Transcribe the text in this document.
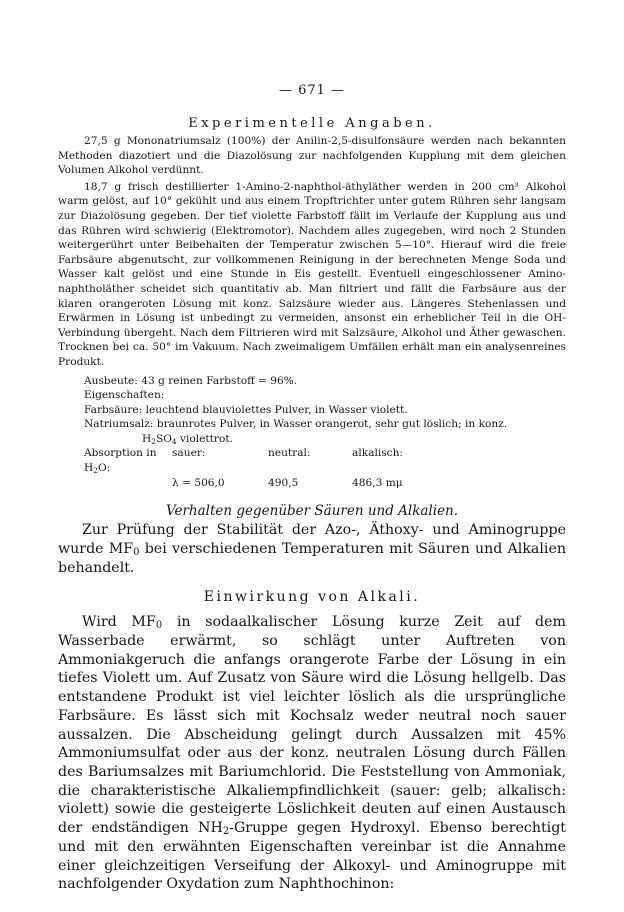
— 671 —
Experimentelle Angaben.

27,5 g Mononatriumsalz (100%) der Anilin-2,5-disulfonsäure werden nach bekannten Methoden diazotiert und die Diazolösung zur nachfolgenden Kupplung mit dem gleichen Volumen Alkohol verdünnt.

18,7 g frisch destillierter 1-Amino-2-naphthol-äthyläther werden in 200 cm³ Alkohol warm gelöst, auf 10° gekühlt und aus einem Tropftrichter unter gutem Rühren sehr langsam zur Diazolösung gegeben. Der tief violette Farbstoff fällt im Verlaufe der Kupplung aus und das Rühren wird schwierig (Elektromotor). Nachdem alles zugegeben, wird noch 2 Stunden weitergerührt unter Beibehalten der Temperatur zwischen 5—10°. Hierauf wird die freie Farbsäure abgenutscht, zur vollkommenen Reinigung in der berechneten Menge Soda und Wasser kalt gelöst und eine Stunde in Eis gestellt. Eventuell eingeschlossener Amino-naphtholäther scheidet sich quantitativ ab. Man filtriert und fällt die Farbsäure aus der klaren orangeroten Lösung mit konz. Salzsäure wieder aus. Längeres Stehenlassen und Erwärmen in Lösung ist unbedingt zu vermeiden, ansonst ein erheblicher Teil in die OH-Verbindung übergeht. Nach dem Filtrieren wird mit Salzsäure, Alkohol und Äther gewaschen. Trocknen bei ca. 50° im Vakuum. Nach zweimaligem Umfällen erhält man ein analysenreines Produkt.

Ausbeute: 43 g reinen Farbstoff = 96%.
Eigenschaften:
Farbsäure: leuchtend blauviolettes Pulver, in Wasser violett.
Natriumsalz: braunrotes Pulver, in Wasser orangerot, sehr gut löslich; in konz.
$H_2SO_4$ violettrot.
Absorption in $H_2O$:
sauer:	neutral:	alkalisch:
λ = 506,0	490,5	486,3 mμ
Verhalten gegenüber Säuren und Alkalien.

Zur Prüfung der Stabilität der Azo-, Äthoxy- und Aminogruppe wurde $MF_0$ bei verschiedenen Temperaturen mit Säuren und Alkalien behandelt.

Einwirkung von Alkali.

Wird $MF_0$ in sodaalkalischer Lösung kurze Zeit auf dem Wasserbade erwärmt, so schlägt unter Auftreten von Ammoniakgeruch die anfangs orangerote Farbe der Lösung in ein tiefes Violett um. Auf Zusatz von Säure wird die Lösung hellgelb. Das entstandene Produkt ist viel leichter löslich als die ursprüngliche Farbsäure. Es lässt sich mit Kochsalz weder neutral noch sauer aussalzen. Die Abscheidung gelingt durch Aussalzen mit 45% Ammoniumsulfat oder aus der konz. neutralen Lösung durch Fällen des Bariumsalzes mit Bariumchlorid. Die Feststellung von Ammoniak, die charakteristische Alkaliempfindlichkeit (sauer: gelb; alkalisch: violett) sowie die gesteigerte Löslichkeit deuten auf einen Austausch der endständigen $NH_2$-Gruppe gegen Hydroxyl. Ebenso berechtigt und mit den erwähnten Eigenschaften vereinbar ist die Annahme einer gleichzeitigen Verseifung der Alkoxyl- und Aminogruppe mit nachfolgender Oxydation zum Naphthochinon:
